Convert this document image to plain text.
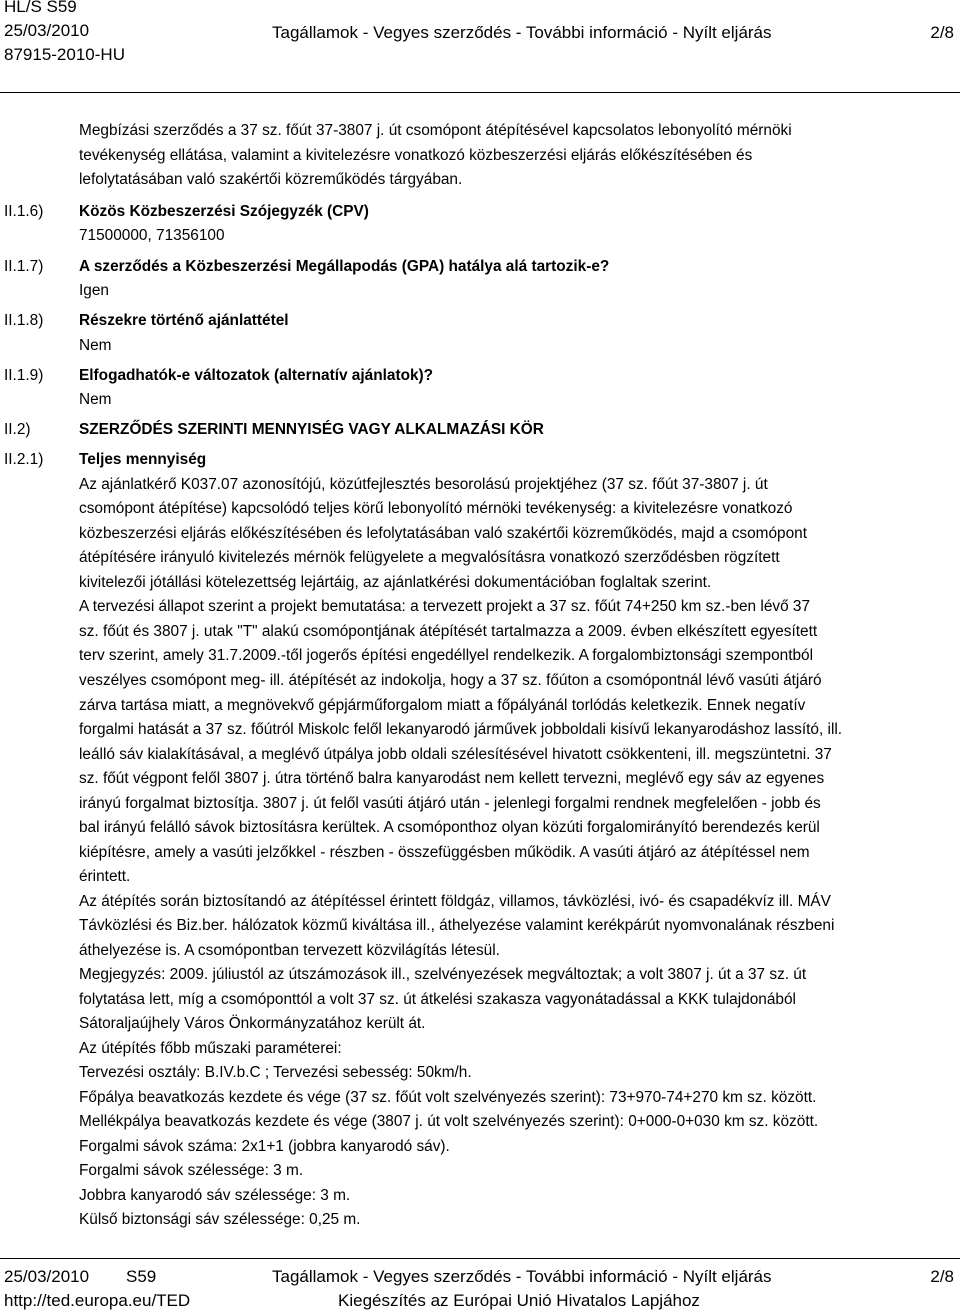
HL/S S59
25/03/2010
87915-2010-HU
Tagállamok - Vegyes szerződés - További információ - Nyílt eljárás	2/8
Megbízási szerződés a 37 sz. főút 37-3807 j. út csomópont átépítésével kapcsolatos lebonyolító mérnöki
tevékenység ellátása, valamint a kivitelezésre vonatkozó közbeszerzési eljárás előkészítésében és
lefolytatásában való szakértői közreműködés tárgyában.
II.1.6)	Közös Közbeszerzési Szójegyzék (CPV)
71500000, 71356100
II.1.7)	A szerződés a Közbeszerzési Megállapodás (GPA) hatálya alá tartozik-e?
Igen
II.1.8)	Részekre történő ajánlattétel
Nem
II.1.9)	Elfogadhatók-e változatok (alternatív ajánlatok)?
Nem
II.2)	SZERZŐDÉS SZERINTI MENNYISÉG VAGY ALKALMAZÁSI KÖR
II.2.1)	Teljes mennyiség
Az ajánlatkérő K037.07 azonosítójú, közútfejlesztés besorolású projektjéhez (37 sz. főút 37-3807 j. út
csomópont átépítése) kapcsolódó teljes körű lebonyolító mérnöki tevékenység: a kivitelezésre vonatkozó
közbeszerzési eljárás előkészítésében és lefolytatásában való szakértői közreműködés, majd a csomópont
átépítésére irányuló kivitelezés mérnök felügyelete a megvalósításra vonatkozó szerződésben rögzített
kivitelezői jótállási kötelezettség lejártáig, az ajánlatkérési dokumentációban foglaltak szerint.
A tervezési állapot szerint a projekt bemutatása: a tervezett projekt a 37 sz. főút 74+250 km sz.-ben lévő 37
sz. főút és 3807 j. utak "T" alakú csomópontjának átépítését tartalmazza a 2009. évben elkészített egyesített
terv szerint, amely 31.7.2009.-től jogerős építési engedéllyel rendelkezik. A forgalombiztonsági szempontból
veszélyes csomópont meg- ill. átépítését az indokolja, hogy a 37 sz. főúton a csomópontnál lévő vasúti átjáró
zárva tartása miatt, a megnövekvő gépjárműforgalom miatt a főpályánál torlódás keletkezik. Ennek negatív
forgalmi hatását a 37 sz. főútról Miskolc felől lekanyarodó járművek jobboldali kisívű lekanyarodáshoz lassító, ill.
leálló sáv kialakításával, a meglévő útpálya jobb oldali szélesítésével hivatott csökkenteni, ill. megszüntetni. 37
sz. főút végpont felől 3807 j. útra történő balra kanyarodást nem kellett tervezni, meglévő egy sáv az egyenes
irányú forgalmat biztosítja. 3807 j. út felől vasúti átjáró után - jelenlegi forgalmi rendnek megfelelően - jobb és
bal irányú felálló sávok biztosításra kerültek. A csomóponthoz olyan közúti forgalomirányító berendezés kerül
kiépítésre, amely a vasúti jelzőkkel - részben - összefüggésben működik. A vasúti átjáró az átépítéssel nem
érintett.
Az átépítés során biztosítandó az átépítéssel érintett földgáz, villamos, távközlési, ivó- és csapadékvíz ill. MÁV
Távközlési és Biz.ber. hálózatok közmű kiváltása ill., áthelyezése valamint kerékpárút nyomvonalának részbeni
áthelyezése is. A csomópontban tervezett közvilágítás létesül.
Megjegyzés: 2009. júliustól az útszámozások ill., szelvényezések megváltoztak; a volt 3807 j. út a 37 sz. út
folytatása lett, míg a csomóponttól a volt 37 sz. út átkelési szakasza vagyonátadással a KKK tulajdonából
Sátoraljaújhely Város Önkormányzatához került át.
Az útépítés főbb műszaki paraméterei:
Tervezési osztály: B.IV.b.C ; Tervezési sebesség: 50km/h.
Főpálya beavatkozás kezdete és vége (37 sz. főút volt szelvényezés szerint): 73+970-74+270 km sz. között.
Mellékpálya beavatkozás kezdete és vége (3807 j. út volt szelvényezés szerint): 0+000-0+030 km sz. között.
Forgalmi sávok száma: 2x1+1 (jobbra kanyarodó sáv).
Forgalmi sávok szélessége: 3 m.
Jobbra kanyarodó sáv szélessége: 3 m.
Külső biztonsági sáv szélessége: 0,25 m.
25/03/2010 S59
http://ted.europa.eu/TED
Tagállamok - Vegyes szerződés - További információ - Nyílt eljárás
Kiegészítés az Európai Unió Hivatalos Lapjához
2/8
